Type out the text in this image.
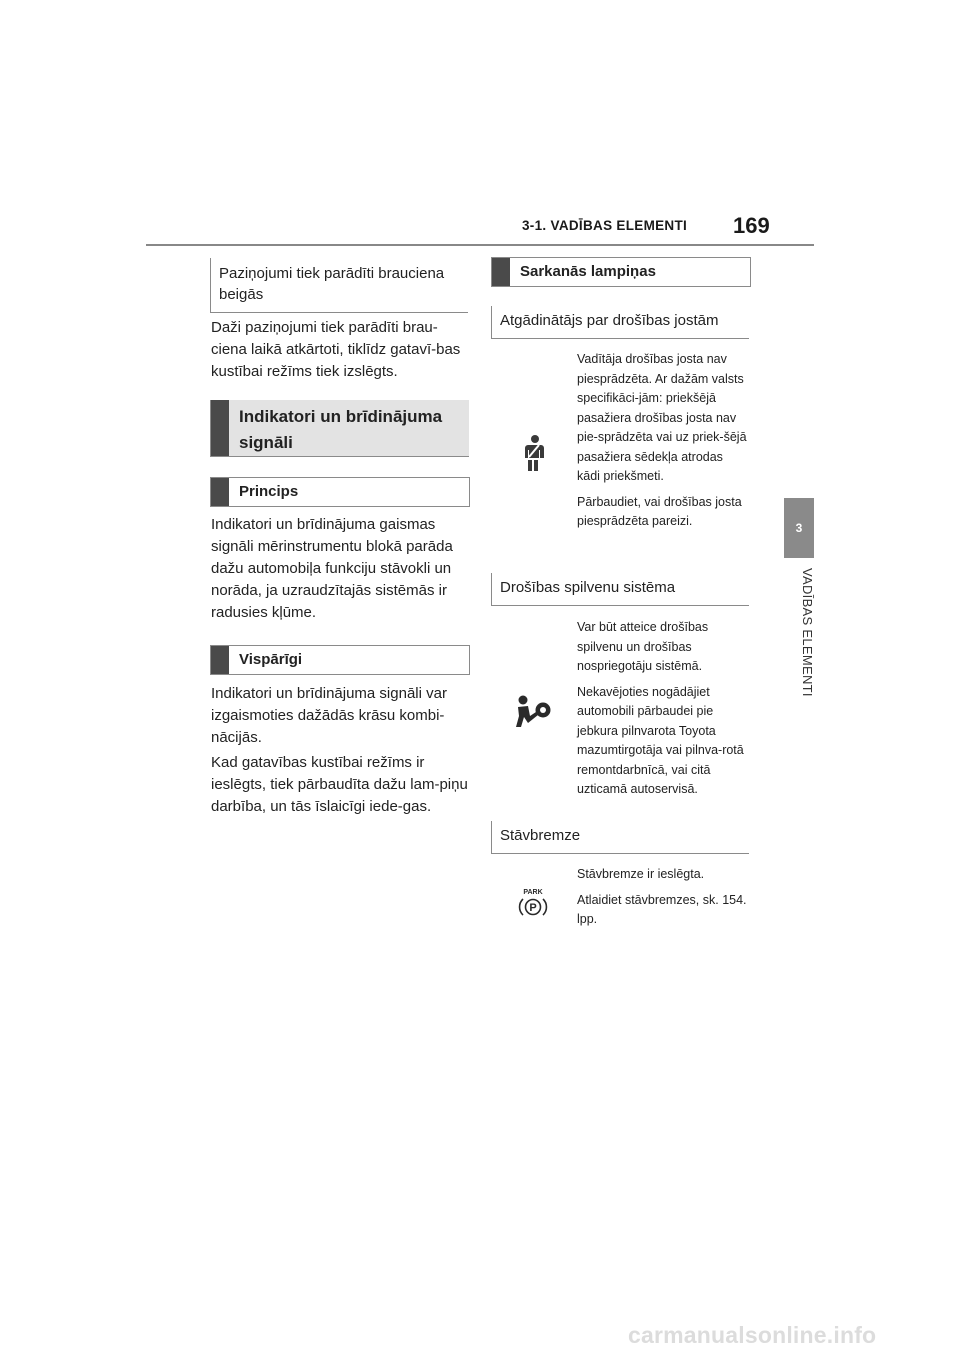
3-1. VADĪBAS ELEMENTI 169
3
VADĪBAS ELEMENTI
Paziņojumi tiek parādīti brauciena beigās

Daži paziņojumi tiek parādīti brau-ciena laikā atkārtoti, tiklīdz gatavī-bas kustībai režīms tiek izslēgts.

Indikatori un brīdinājuma signāli
Princips

Indikatori un brīdinājuma gaismas signāli mērinstrumentu blokā parāda dažu automobiļa funkciju stāvokli un norāda, ja uzraudzītajās sistēmās ir radusies kļūme.

Vispārīgi

Indikatori un brīdinājuma signāli var izgaismoties dažādās krāsu kombi-nācijās.

Kad gatavības kustībai režīms ir ieslēgts, tiek pārbaudīta dažu lam-piņu darbība, un tās īslaicīgi iede-gas.

Sarkanās lampiņas
Atgādinātājs par drošības jostām

Vadītāja drošības josta nav piesprādzēta. Ar dažām valsts specifikāci-jām: priekšējā pasažiera drošības josta nav pie-sprādzēta vai uz priek-šējā pasažiera sēdekļa atrodas kādi priekšmeti.

Pārbaudiet, vai drošības josta piesprādzēta pareizi.

Drošības spilvenu sistēma

Var būt atteice drošības spilvenu un drošības nospriegotāju sistēmā.

Nekavējoties nogādājiet automobili pārbaudei pie jebkura pilnvarota Toyota mazumtirgotāja vai pilnva-rotā remontdarbnīcā, vai citā uzticamā autoservisā.

Stāvbremze
PARK
P

Stāvbremze ir ieslēgta.

Atlaidiet stāvbremzes, sk. 154. lpp.

carmanualsonline.info
